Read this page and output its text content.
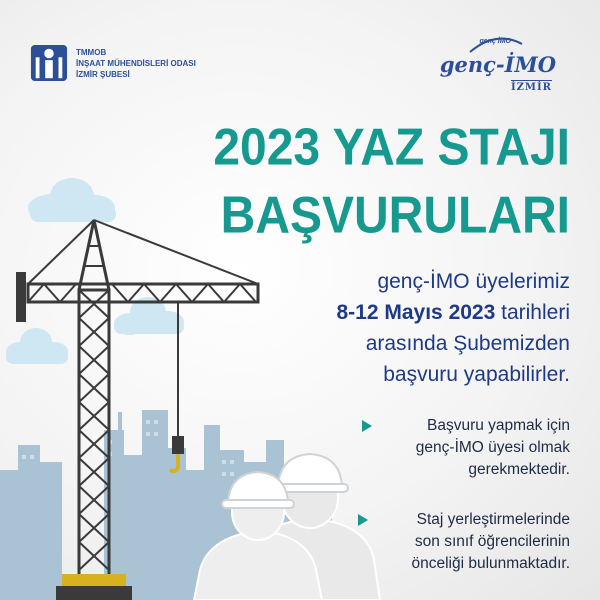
TMMOB
İNŞAAT MÜHENDİSLERİ ODASI
İZMİR ŞUBESİ
genç İMO
genç-İMO
İZMİR
2023 YAZ STAJI
BAŞVURULARI
genç-İMO üyelerimiz
8-12 Mayıs 2023 tarihleri
arasında Şubemizden
başvuru yapabilirler.
Başvuru yapmak için
genç-İMO üyesi olmak
gerekmektedir.
Staj yerleştirmelerinde
son sınıf öğrencilerinin
önceliği bulunmaktadır.
